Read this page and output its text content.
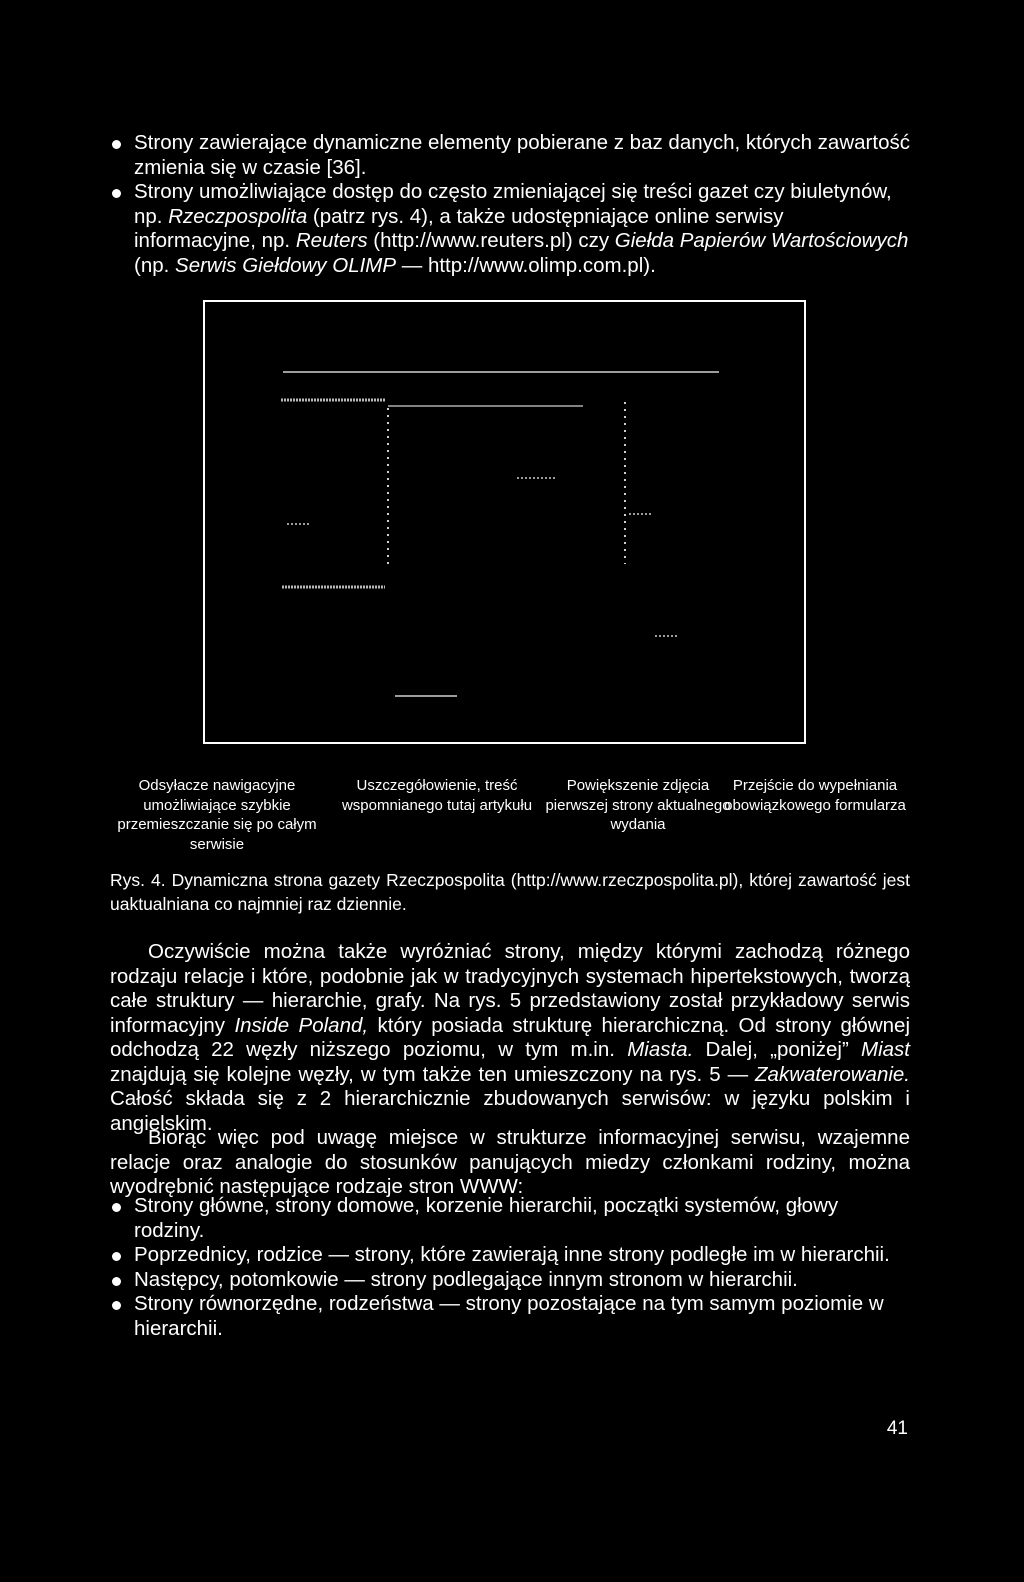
Strony zawierające dynamiczne elementy pobierane z baz danych, których zawartość zmienia się w czasie [36].
Strony umożliwiające dostęp do często zmieniającej się treści gazet czy biuletynów, np. Rzeczpospolita (patrz rys. 4), a także udostępniające online serwisy informacyjne, np. Reuters (http://www.reuters.pl) czy Giełda Papierów Wartościowych (np. Serwis Giełdowy OLIMP — http://www.olimp.com.pl).
Odsyłacze nawigacyjne umożliwiające szybkie przemieszczanie się po całym serwisie
Uszczegółowienie, treść wspomnianego tutaj artykułu
Powiększenie zdjęcia pierwszej strony aktualnego wydania
Przejście do wypełniania obowiązkowego formularza
Rys. 4. Dynamiczna strona gazety Rzeczpospolita (http://www.rzeczpospolita.pl), której zawartość jest uaktualniana co najmniej raz dziennie.
Oczywiście można także wyróżniać strony, między którymi zachodzą różnego rodzaju relacje i które, podobnie jak w tradycyjnych systemach hipertekstowych, tworzą całe struktury — hierarchie, grafy. Na rys. 5 przedstawiony został przykładowy serwis informacyjny Inside Poland, który posiada strukturę hierarchiczną. Od strony głównej odchodzą 22 węzły niższego poziomu, w tym m.in. Miasta. Dalej, „poniżej” Miast znajdują się kolejne węzły, w tym także ten umieszczony na rys. 5 — Zakwaterowanie. Całość składa się z 2 hierarchicznie zbudowanych serwisów: w języku polskim i angielskim.
Biorąc więc pod uwagę miejsce w strukturze informacyjnej serwisu, wzajemne relacje oraz analogie do stosunków panujących miedzy członkami rodziny, można wyodrębnić następujące rodzaje stron WWW:
Strony główne, strony domowe, korzenie hierarchii, początki systemów, głowy rodziny.
Poprzednicy, rodzice — strony, które zawierają inne strony podległe im w hierarchii.
Następcy, potomkowie — strony podlegające innym stronom w hierarchii.
Strony równorzędne, rodzeństwa — strony pozostające na tym samym poziomie w hierarchii.
41
